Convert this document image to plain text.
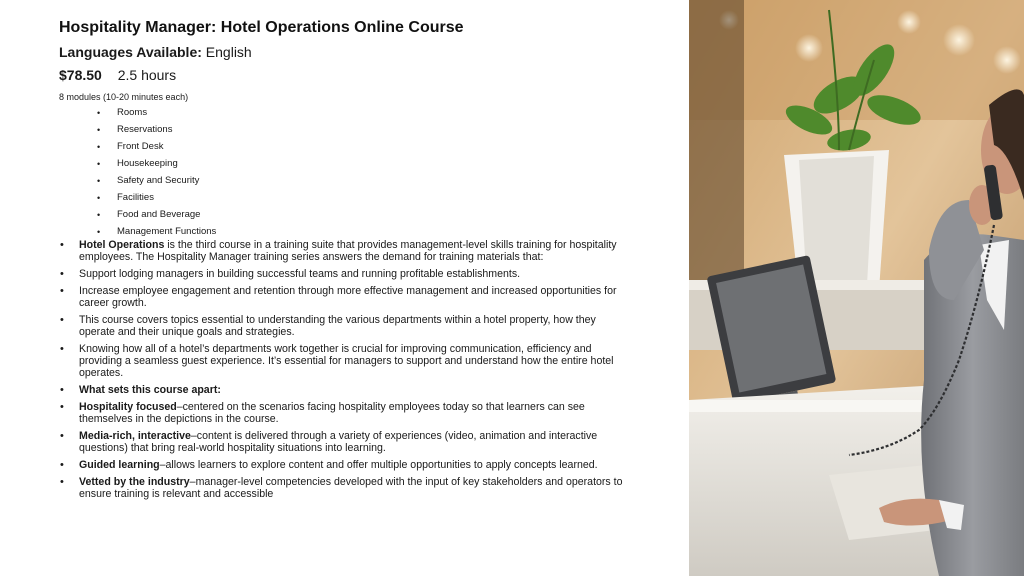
Hospitality Manager: Hotel Operations Online Course
Languages Available: English
$78.50 2.5 hours
8 modules (10-20 minutes each)
• Rooms
• Reservations
• Front Desk
• Housekeeping
• Safety and Security
• Facilities
• Food and Beverage
• Management Functions
• Hotel Operations is the third course in a training suite that provides management-level skills training for hospitality employees. The Hospitality Manager training series answers the demand for training materials that:
• Support lodging managers in building successful teams and running profitable establishments.
• Increase employee engagement and retention through more effective management and increased opportunities for career growth.
• This course covers topics essential to understanding the various departments within a hotel property, how they operate and their unique goals and strategies.
• Knowing how all of a hotel’s departments work together is crucial for improving communication, efficiency and providing a seamless guest experience. It’s essential for managers to support and understand how the entire hotel operates.
• What sets this course apart:
• Hospitality focused–centered on the scenarios facing hospitality employees today so that learners can see themselves in the depictions in the course.
• Media-rich, interactive–content is delivered through a variety of experiences (video, animation and interactive questions) that bring real-world hospitality situations into learning.
• Guided learning–allows learners to explore content and offer multiple opportunities to apply concepts learned.
• Vetted by the industry–manager-level competencies developed with the input of key stakeholders and operators to ensure training is relevant and accessible
